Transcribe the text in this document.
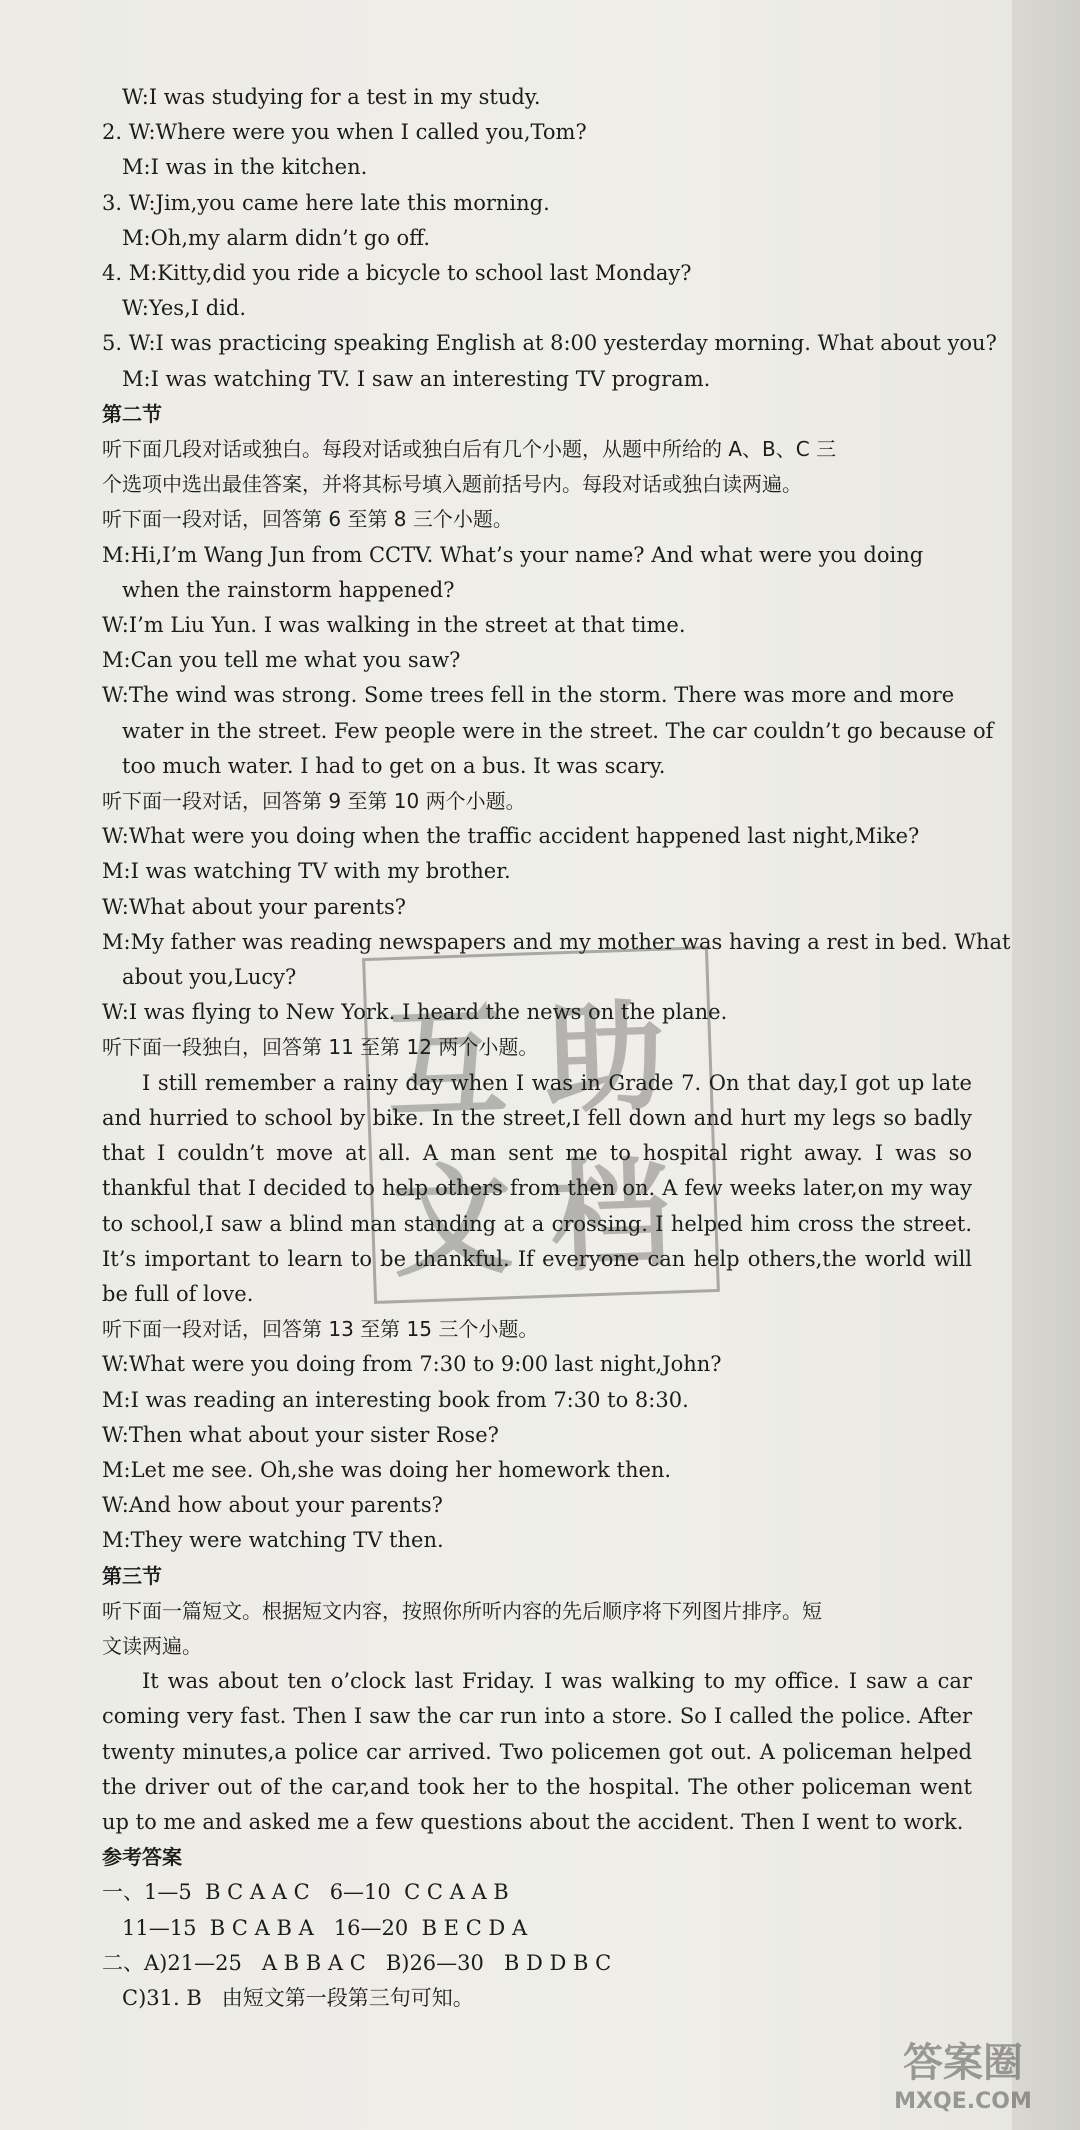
W:I was studying for a test in my study.
2. W:Where were you when I called you,Tom?
M:I was in the kitchen.
3. W:Jim,you came here late this morning.
M:Oh,my alarm didn’t go off.
4. M:Kitty,did you ride a bicycle to school last Monday?
W:Yes,I did.
5. W:I was practicing speaking English at 8:00 yesterday morning. What about you?
M:I was watching TV. I saw an interesting TV program.
第二节
听下面几段对话或独白。每段对话或独白后有几个小题，从题中所给的 A、B、C 三
个选项中选出最佳答案，并将其标号填入题前括号内。每段对话或独白读两遍。
听下面一段对话，回答第 6 至第 8 三个小题。
M:Hi,I’m Wang Jun from CCTV. What’s your name? And what were you doing
when the rainstorm happened?
W:I’m Liu Yun. I was walking in the street at that time.
M:Can you tell me what you saw?
W:The wind was strong. Some trees fell in the storm. There was more and more
water in the street. Few people were in the street. The car couldn’t go because of
too much water. I had to get on a bus. It was scary.
听下面一段对话，回答第 9 至第 10 两个小题。
W:What were you doing when the traffic accident happened last night,Mike?
M:I was watching TV with my brother.
W:What about your parents?
M:My father was reading newspapers and my mother was having a rest in bed. What
about you,Lucy?
W:I was flying to New York. I heard the news on the plane.
听下面一段独白，回答第 11 至第 12 两个小题。
I still remember a rainy day when I was in Grade 7. On that day,I got up late and hurried to school by bike. In the street,I fell down and hurt my legs so badly that I couldn’t move at all. A man sent me to hospital right away. I was so thankful that I decided to help others from then on. A few weeks later,on my way to school,I saw a blind man standing at a crossing. I helped him cross the street. It’s important to learn to be thankful. If everyone can help others,the world will be full of love.
听下面一段对话，回答第 13 至第 15 三个小题。
W:What were you doing from 7:30 to 9:00 last night,John?
M:I was reading an interesting book from 7:30 to 8:30.
W:Then what about your sister Rose?
M:Let me see. Oh,she was doing her homework then.
W:And how about your parents?
M:They were watching TV then.
第三节
听下面一篇短文。根据短文内容，按照你所听内容的先后顺序将下列图片排序。短
文读两遍。
It was about ten o’clock last Friday. I was walking to my office. I saw a car coming very fast. Then I saw the car run into a store. So I called the police. After twenty minutes,a police car arrived. Two policemen got out. A policeman helped the driver out of the car,and took her to the hospital. The other policeman went up to me and asked me a few questions about the accident. Then I went to work.
参考答案
一、1—5  B C A A C   6—10  C C A A B
11—15  B C A B A   16—20  B E C D A
二、A)21—25   A B B A C   B)26—30   B D D B C
C)31. B   由短文第一段第三句可知。
互 助
文 档
答案圈
MXQE.COM
